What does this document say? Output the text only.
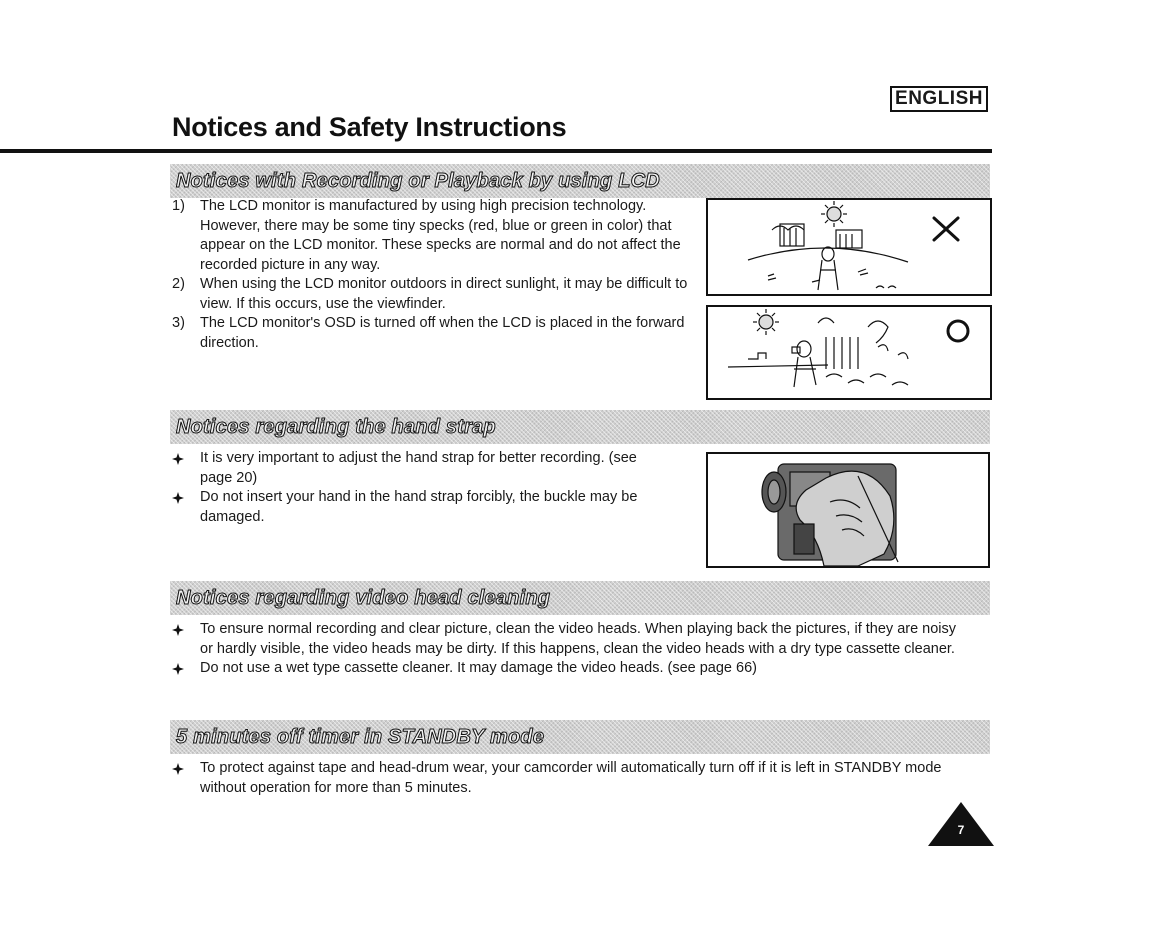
ENGLISH
Notices and Safety Instructions
Notices with Recording or Playback by using LCD
1)	The LCD monitor is manufactured by using high precision technology. However, there may be some tiny specks (red, blue or green in color) that appear on the LCD monitor. These specks are normal and do not affect the recorded picture in any way.
2)	When using the LCD monitor outdoors in direct sunlight, it may be difficult to view. If this occurs, use the viewfinder.
3)	The LCD monitor's OSD is turned off when the LCD is placed in the forward direction.
Notices regarding the hand strap
It is very important to adjust the hand strap for better recording. (see page 20)
Do not insert your hand in the hand strap forcibly, the buckle may be damaged.
Notices regarding video head cleaning
To ensure normal recording and clear picture, clean the video heads. When playing back the pictures, if they are noisy or hardly visible, the video heads may be dirty. If this happens, clean the video heads with a dry type cassette cleaner.
Do not use a wet type cassette cleaner. It may damage the video heads. (see page 66)
5 minutes off timer in STANDBY mode
To protect against tape and head-drum wear, your camcorder will automatically turn off if it is left in STANDBY mode without operation for more than 5 minutes.
7
